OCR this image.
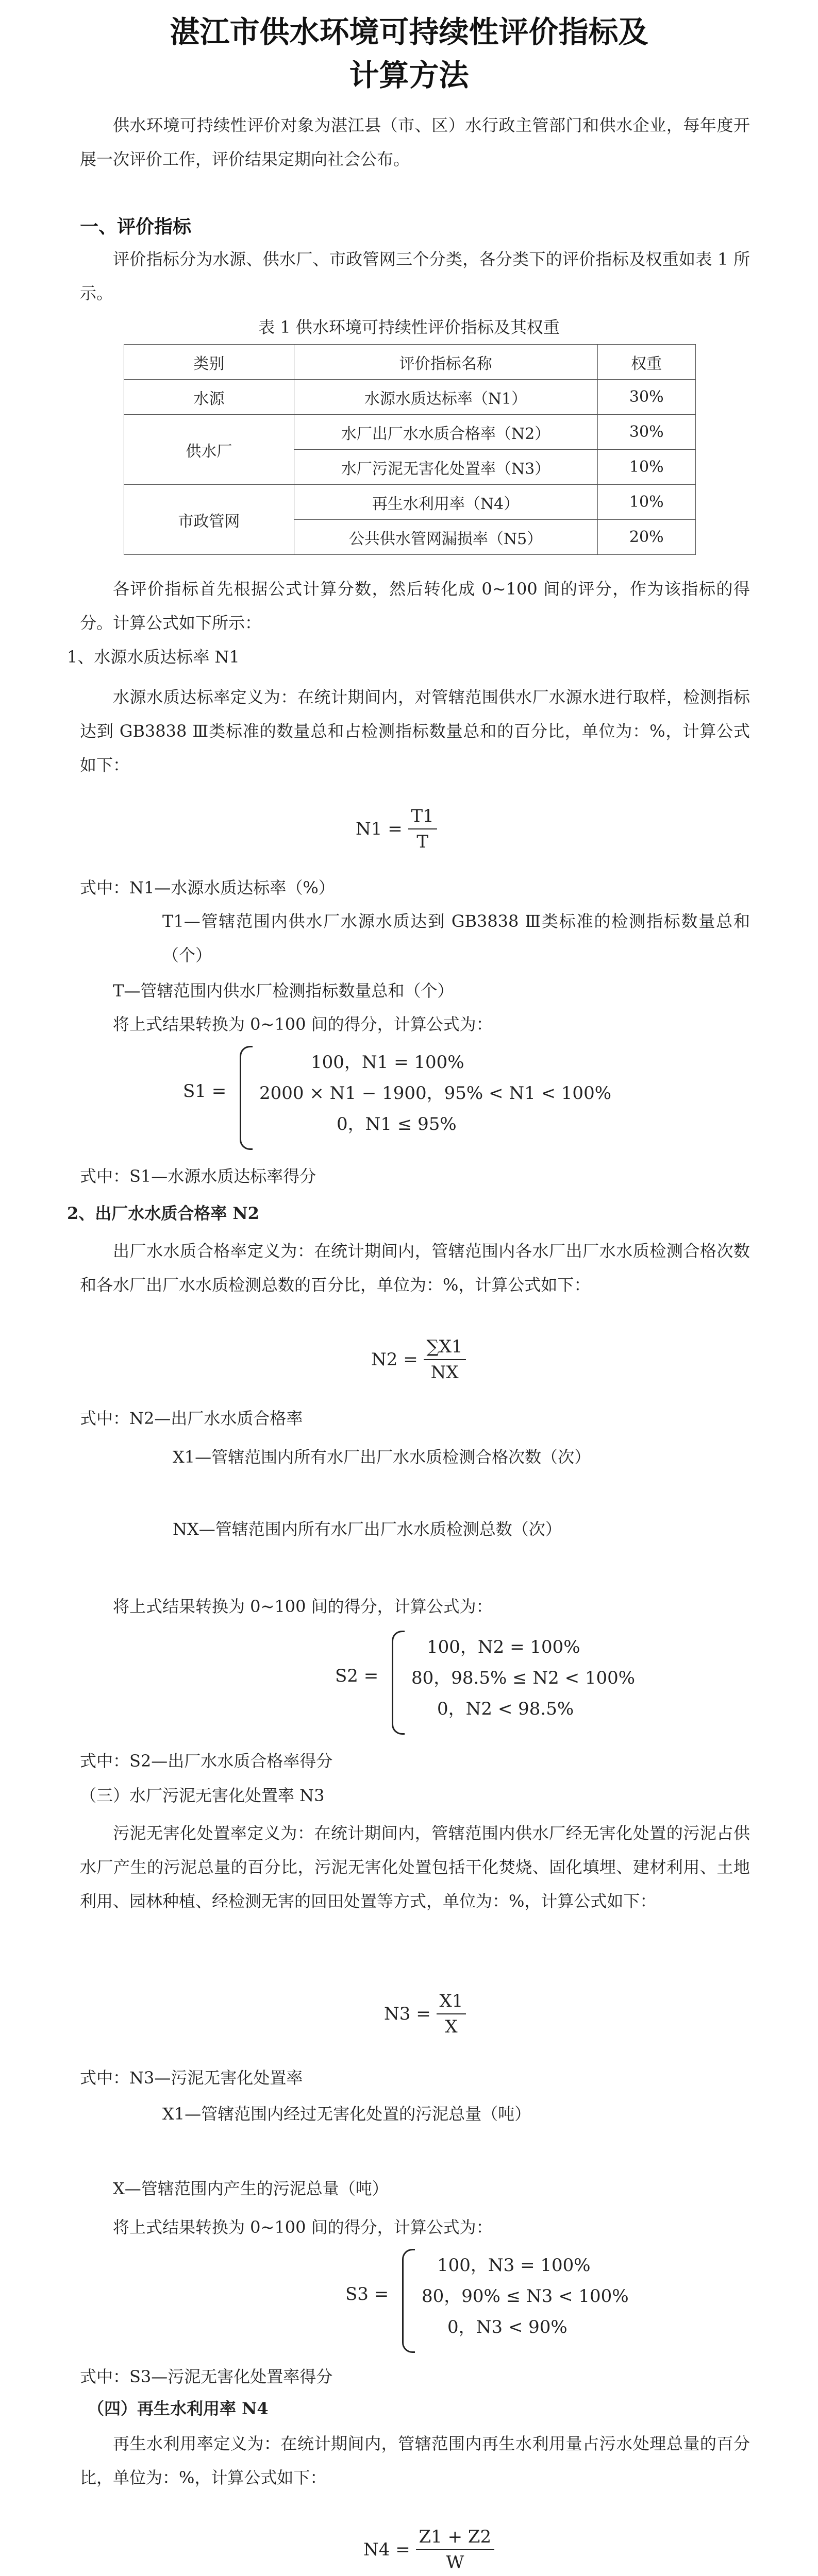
湛江市供水环境可持续性评价指标及
计算方法
供水环境可持续性评价对象为湛江县（市、区）水行政主管部门和供水企业，每年度开展一次评价工作，评价结果定期向社会公布。
一、评价指标
评价指标分为水源、供水厂、市政管网三个分类，各分类下的评价指标及权重如表 1 所示。
表 1 供水环境可持续性评价指标及其权重
类别	评价指标名称	权重
水源	水源水质达标率（N1）	30%
供水厂	水厂出厂水水质合格率（N2）	30%
	水厂污泥无害化处置率（N3）	10%
市政管网	再生水利用率（N4）	10%
	公共供水管网漏损率（N5）	20%
各评价指标首先根据公式计算分数，然后转化成 0~100 间的评分，作为该指标的得分。计算公式如下所示：
1、水源水质达标率 N1
水源水质达标率定义为：在统计期间内，对管辖范围供水厂水源水进行取样，检测指标达到 GB3838 Ⅲ类标准的数量总和占检测指标数量总和的百分比，单位为：%，计算公式如下：
$N1 = \frac{T1}{T}$
式中：N1—水源水质达标率（%）
T1—管辖范围内供水厂水源水质达到 GB3838 Ⅲ类标准的检测指标数量总和（个）
T—管辖范围内供水厂检测指标数量总和（个）
将上式结果转换为 0~100 间的得分，计算公式为：
S1 =
100，N1 = 100%
2000 × N1 − 1900，95% < N1 < 100%
0，N1 ≤ 95%
式中：S1—水源水质达标率得分
2、出厂水水质合格率 N2
出厂水水质合格率定义为：在统计期间内，管辖范围内各水厂出厂水水质检测合格次数和各水厂出厂水水质检测总数的百分比，单位为：%，计算公式如下：
$N2 = \frac{\sum X1}{NX}$
式中：N2—出厂水水质合格率
X1—管辖范围内所有水厂出厂水水质检测合格次数（次）
NX—管辖范围内所有水厂出厂水水质检测总数（次）
将上式结果转换为 0~100 间的得分，计算公式为：
S2 =
100，N2 = 100%
80，98.5% ≤ N2 < 100%
0，N2 < 98.5%
式中：S2—出厂水水质合格率得分
（三）水厂污泥无害化处置率 N3
污泥无害化处置率定义为：在统计期间内，管辖范围内供水厂经无害化处置的污泥占供水厂产生的污泥总量的百分比，污泥无害化处置包括干化焚烧、固化填埋、建材利用、土地利用、园林种植、经检测无害的回田处置等方式，单位为：%，计算公式如下：
$N3 = \frac{X1}{X}$
式中：N3—污泥无害化处置率
X1—管辖范围内经过无害化处置的污泥总量（吨）
X—管辖范围内产生的污泥总量（吨）
将上式结果转换为 0~100 间的得分，计算公式为：
S3 =
100，N3 = 100%
80，90% ≤ N3 < 100%
0，N3 < 90%
式中：S3—污泥无害化处置率得分
（四）再生水利用率 N4
再生水利用率定义为：在统计期间内，管辖范围内再生水利用量占污水处理总量的百分比，单位为：%，计算公式如下：
$N4 = \frac{Z1 + Z2}{W}$
